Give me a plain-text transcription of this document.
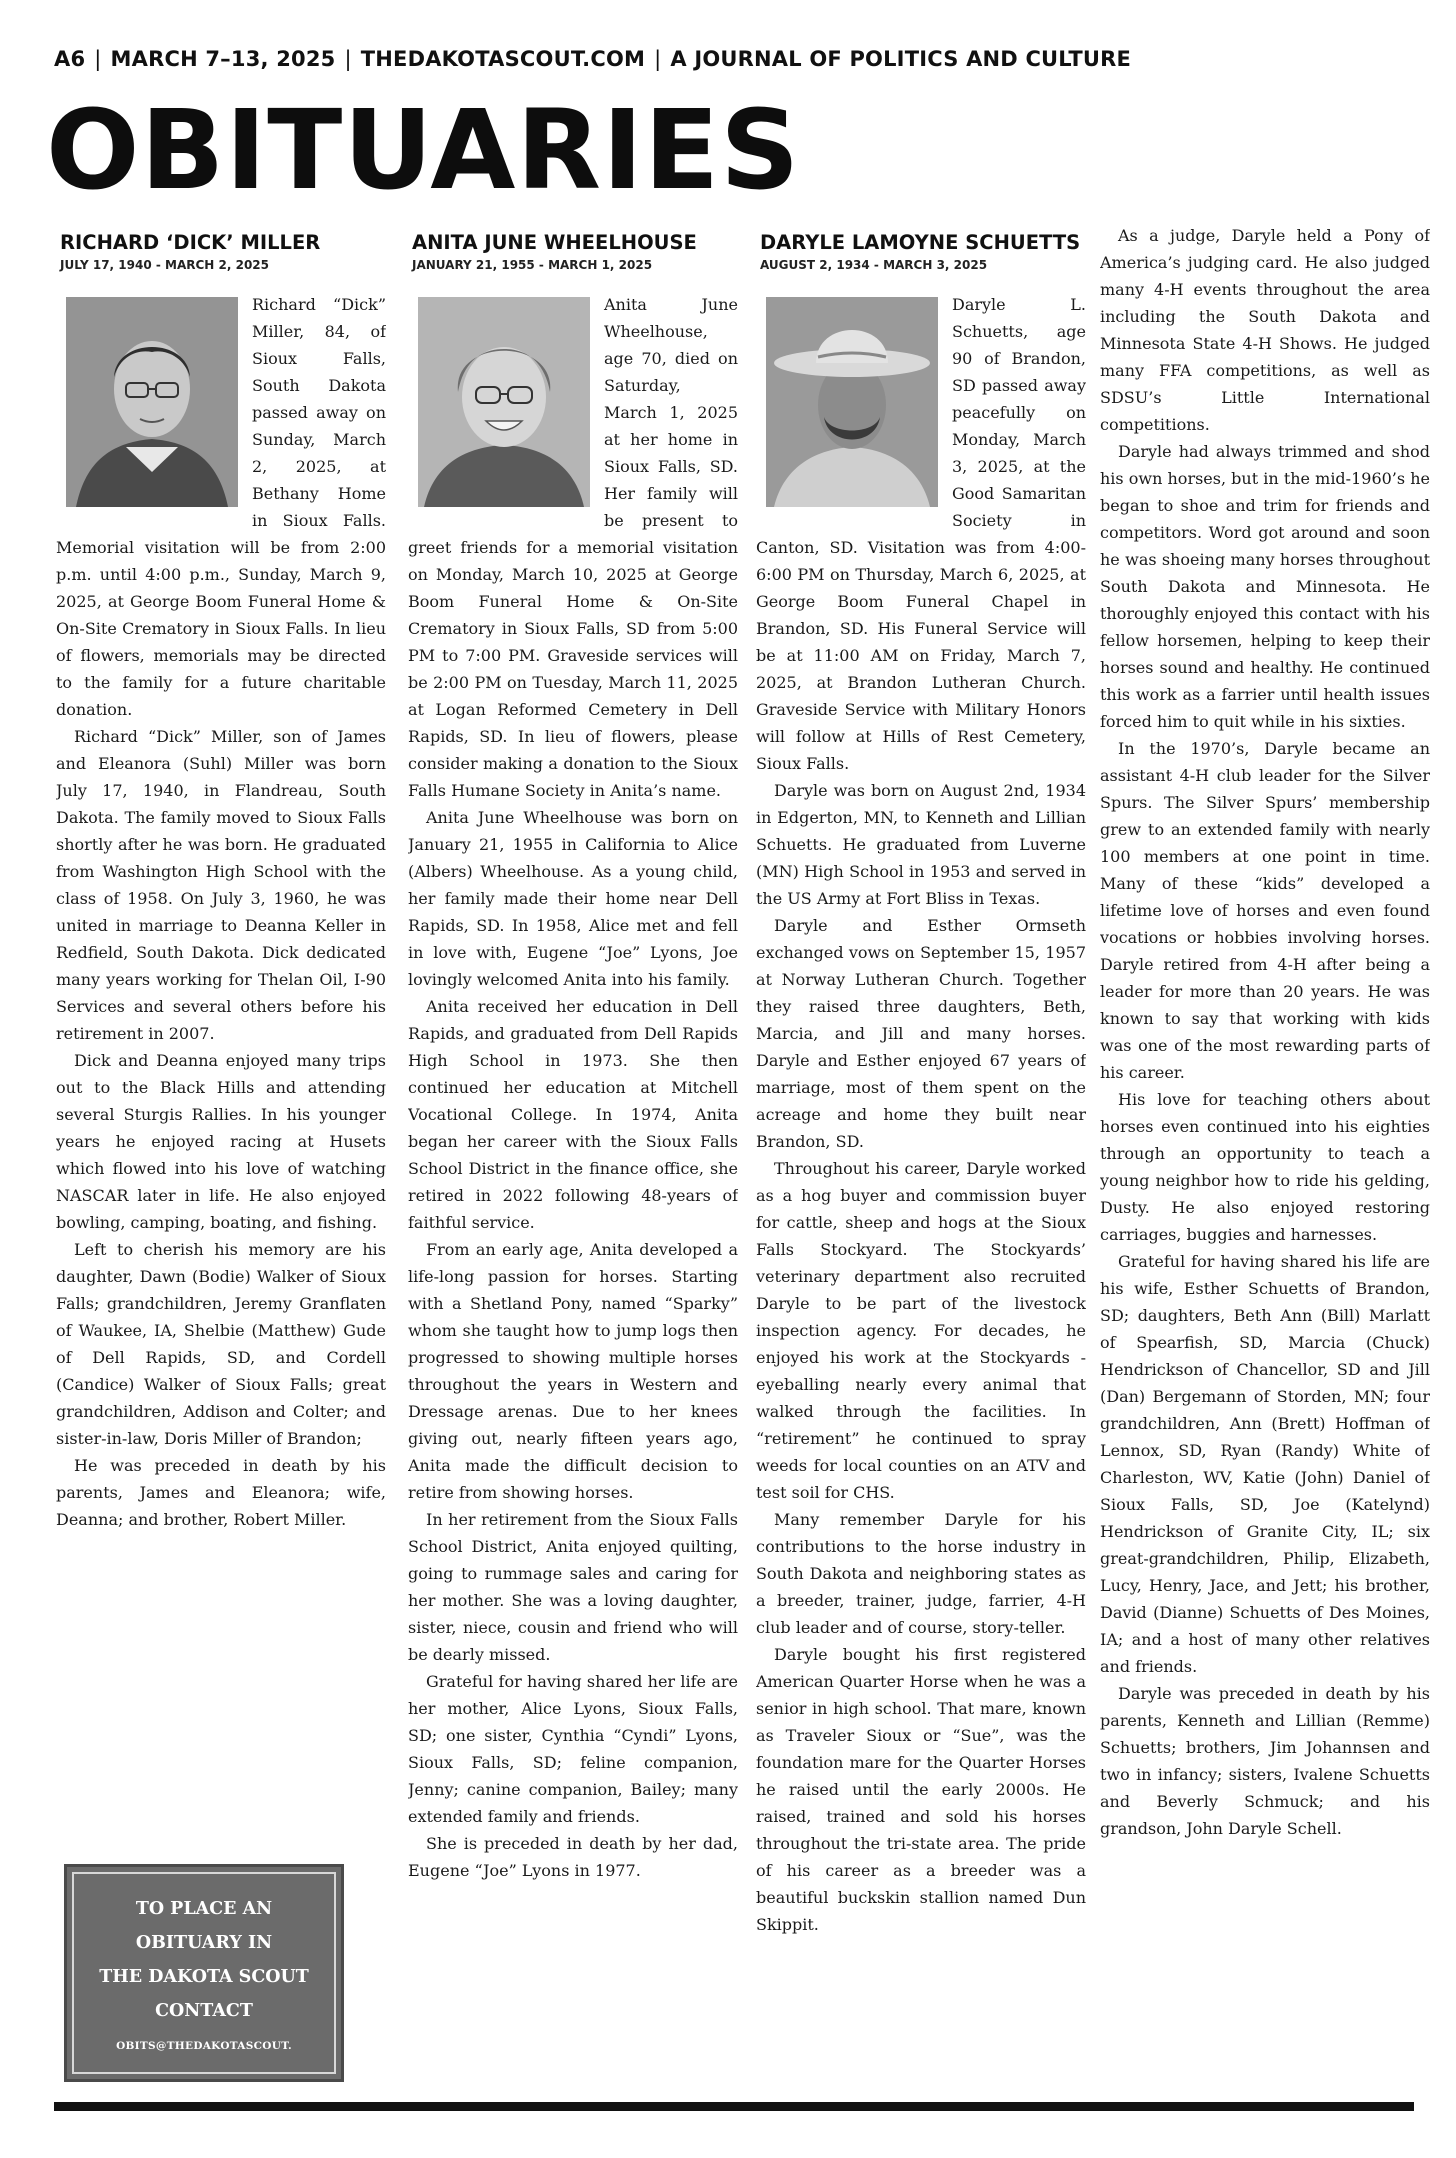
A6 | MARCH 7–13, 2025 | THEDAKOTASCOUT.COM | A JOURNAL OF POLITICS AND CULTURE
OBITUARIES
RICHARD ‘DICK’ MILLER
JULY 17, 1940 - MARCH 2, 2025

Richard “Dick” Miller, 84, of Sioux Falls, South Dakota passed away on Sunday, March 2, 2025, at Bethany Home in Sioux Falls. Memorial visitation will be from 2:00 p.m. until 4:00 p.m., Sunday, March 9, 2025, at George Boom Funeral Home & On-Site Crematory in Sioux Falls. In lieu of flowers, memorials may be directed to the family for a future charitable donation.

Richard “Dick” Miller, son of James and Eleanora (Suhl) Miller was born July 17, 1940, in Flandreau, South Dakota. The family moved to Sioux Falls shortly after he was born. He graduated from Washington High School with the class of 1958. On July 3, 1960, he was united in marriage to Deanna Keller in Redfield, South Dakota. Dick dedicated many years working for Thelan Oil, I-90 Services and several others before his retirement in 2007.

Dick and Deanna enjoyed many trips out to the Black Hills and attending several Sturgis Rallies. In his younger years he enjoyed racing at Husets which flowed into his love of watching NASCAR later in life. He also enjoyed bowling, camping, boating, and fishing.

Left to cherish his memory are his daughter, Dawn (Bodie) Walker of Sioux Falls; grandchildren, Jeremy Granflaten of Waukee, IA, Shelbie (Matthew) Gude of Dell Rapids, SD, and Cordell (Candice) Walker of Sioux Falls; great grandchildren, Addison and Colter; and sister-in-law, Doris Miller of Brandon;

He was preceded in death by his parents, James and Eleanora; wife, Deanna; and brother, Robert Miller.

TO PLACE AN
OBITUARY IN
THE DAKOTA SCOUT
CONTACT
OBITS@THEDAKOTASCOUT.
ANITA JUNE WHEELHOUSE
JANUARY 21, 1955 - MARCH 1, 2025

Anita June Wheelhouse, age 70, died on Saturday, March 1, 2025 at her home in Sioux Falls, SD. Her family will be present to greet friends for a memorial visitation on Monday, March 10, 2025 at George Boom Funeral Home & On-Site Crematory in Sioux Falls, SD from 5:00 PM to 7:00 PM. Graveside services will be 2:00 PM on Tuesday, March 11, 2025 at Logan Reformed Cemetery in Dell Rapids, SD. In lieu of flowers, please consider making a donation to the Sioux Falls Humane Society in Anita’s name.

Anita June Wheelhouse was born on January 21, 1955 in California to Alice (Albers) Wheelhouse. As a young child, her family made their home near Dell Rapids, SD. In 1958, Alice met and fell in love with, Eugene “Joe” Lyons, Joe lovingly welcomed Anita into his family.

Anita received her education in Dell Rapids, and graduated from Dell Rapids High School in 1973. She then continued her education at Mitchell Vocational College. In 1974, Anita began her career with the Sioux Falls School District in the finance office, she retired in 2022 following 48-years of faithful service.

From an early age, Anita developed a life-long passion for horses. Starting with a Shetland Pony, named “Sparky” whom she taught how to jump logs then progressed to showing multiple horses throughout the years in Western and Dressage arenas. Due to her knees giving out, nearly fifteen years ago, Anita made the difficult decision to retire from showing horses.

In her retirement from the Sioux Falls School District, Anita enjoyed quilting, going to rummage sales and caring for her mother. She was a loving daughter, sister, niece, cousin and friend who will be dearly missed.

Grateful for having shared her life are her mother, Alice Lyons, Sioux Falls, SD; one sister, Cynthia “Cyndi” Lyons, Sioux Falls, SD; feline companion, Jenny; canine companion, Bailey; many extended family and friends.

She is preceded in death by her dad, Eugene “Joe” Lyons in 1977.

DARYLE LAMOYNE SCHUETTS
AUGUST 2, 1934 - MARCH 3, 2025

Daryle L. Schuetts, age 90 of Brandon, SD passed away peacefully on Monday, March 3, 2025, at the Good Samaritan Society in Canton, SD. Visitation was from 4:00-6:00 PM on Thursday, March 6, 2025, at George Boom Funeral Chapel in Brandon, SD. His Funeral Service will be at 11:00 AM on Friday, March 7, 2025, at Brandon Lutheran Church. Graveside Service with Military Honors will follow at Hills of Rest Cemetery, Sioux Falls.

Daryle was born on August 2nd, 1934 in Edgerton, MN, to Kenneth and Lillian Schuetts. He graduated from Luverne (MN) High School in 1953 and served in the US Army at Fort Bliss in Texas.

Daryle and Esther Ormseth exchanged vows on September 15, 1957 at Norway Lutheran Church. Together they raised three daughters, Beth, Marcia, and Jill and many horses. Daryle and Esther enjoyed 67 years of marriage, most of them spent on the acreage and home they built near Brandon, SD.

Throughout his career, Daryle worked as a hog buyer and commission buyer for cattle, sheep and hogs at the Sioux Falls Stockyard. The Stockyards’ veterinary department also recruited Daryle to be part of the livestock inspection agency. For decades, he enjoyed his work at the Stockyards - eyeballing nearly every animal that walked through the facilities. In “retirement” he continued to spray weeds for local counties on an ATV and test soil for CHS.

Many remember Daryle for his contributions to the horse industry in South Dakota and neighboring states as a breeder, trainer, judge, farrier, 4-H club leader and of course, story-teller.

Daryle bought his first registered American Quarter Horse when he was a senior in high school. That mare, known as Traveler Sioux or “Sue”, was the foundation mare for the Quarter Horses he raised until the early 2000s. He raised, trained and sold his horses throughout the tri-state area. The pride of his career as a breeder was a beautiful buckskin stallion named Dun Skippit.

As a judge, Daryle held a Pony of America’s judging card. He also judged many 4-H events throughout the area including the South Dakota and Minnesota State 4-H Shows. He judged many FFA competitions, as well as SDSU’s Little International competitions.

Daryle had always trimmed and shod his own horses, but in the mid-1960’s he began to shoe and trim for friends and competitors. Word got around and soon he was shoeing many horses throughout South Dakota and Minnesota. He thoroughly enjoyed this contact with his fellow horsemen, helping to keep their horses sound and healthy. He continued this work as a farrier until health issues forced him to quit while in his sixties.

In the 1970’s, Daryle became an assistant 4-H club leader for the Silver Spurs. The Silver Spurs’ membership grew to an extended family with nearly 100 members at one point in time. Many of these “kids” developed a lifetime love of horses and even found vocations or hobbies involving horses. Daryle retired from 4-H after being a leader for more than 20 years. He was known to say that working with kids was one of the most rewarding parts of his career.

His love for teaching others about horses even continued into his eighties through an opportunity to teach a young neighbor how to ride his gelding, Dusty. He also enjoyed restoring carriages, buggies and harnesses.

Grateful for having shared his life are his wife, Esther Schuetts of Brandon, SD; daughters, Beth Ann (Bill) Marlatt of Spearfish, SD, Marcia (Chuck) Hendrickson of Chancellor, SD and Jill (Dan) Bergemann of Storden, MN; four grandchildren, Ann (Brett) Hoffman of Lennox, SD, Ryan (Randy) White of Charleston, WV, Katie (John) Daniel of Sioux Falls, SD, Joe (Katelynd) Hendrickson of Granite City, IL; six great-grandchildren, Philip, Elizabeth, Lucy, Henry, Jace, and Jett; his brother, David (Dianne) Schuetts of Des Moines, IA; and a host of many other relatives and friends.

Daryle was preceded in death by his parents, Kenneth and Lillian (Remme) Schuetts; brothers, Jim Johannsen and two in infancy; sisters, Ivalene Schuetts and Beverly Schmuck; and his grandson, John Daryle Schell.
